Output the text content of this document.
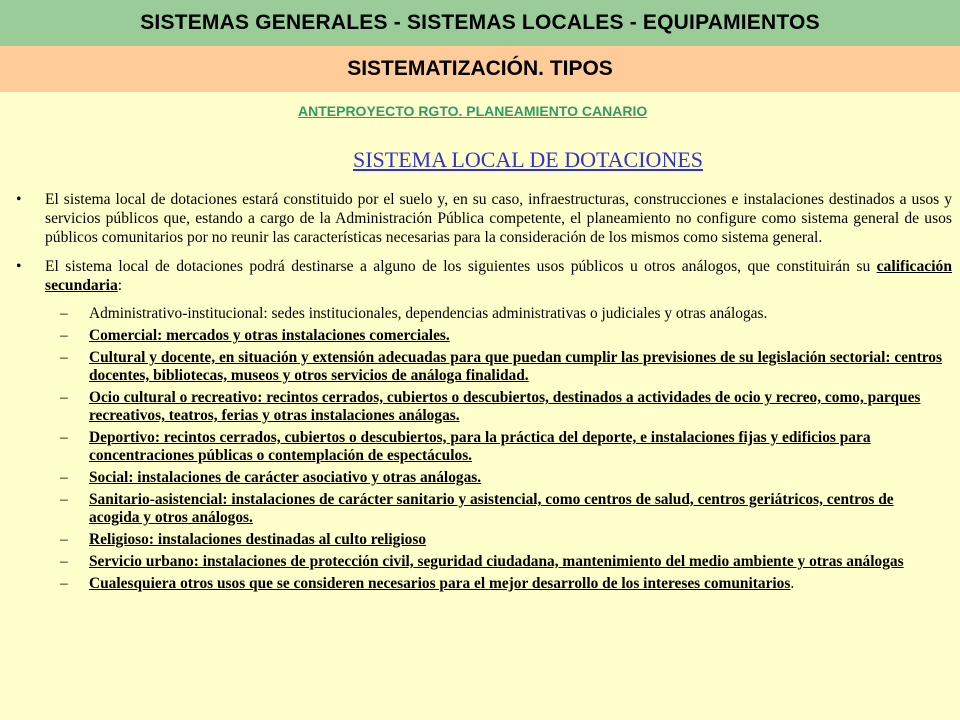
SISTEMAS GENERALES - SISTEMAS LOCALES - EQUIPAMIENTOS
SISTEMATIZACIÓN. TIPOS
ANTEPROYECTO RGTO. PLANEAMIENTO CANARIO
SISTEMA LOCAL DE DOTACIONES
• El sistema local de dotaciones estará constituido por el suelo y, en su caso, infraestructuras, construcciones e instalaciones destinados a usos y servicios públicos que, estando a cargo de la Administración Pública competente, el planeamiento no configure como sistema general de usos públicos comunitarios por no reunir las características necesarias para la consideración de los mismos como sistema general.
• El sistema local de dotaciones podrá destinarse a alguno de los siguientes usos públicos u otros análogos, que constituirán su calificación secundaria:
– Administrativo-institucional: sedes institucionales, dependencias administrativas o judiciales y otras análogas.
– Comercial: mercados y otras instalaciones comerciales.
– Cultural y docente, en situación y extensión adecuadas para que puedan cumplir las previsiones de su legislación sectorial: centros docentes, bibliotecas, museos y otros servicios de análoga finalidad.
– Ocio cultural o recreativo: recintos cerrados, cubiertos o descubiertos, destinados a actividades de ocio y recreo, como, parques recreativos, teatros, ferias y otras instalaciones análogas.
– Deportivo: recintos cerrados, cubiertos o descubiertos, para la práctica del deporte, e instalaciones fijas y edificios para concentraciones públicas o contemplación de espectáculos.
– Social: instalaciones de carácter asociativo y otras análogas.
– Sanitario-asistencial: instalaciones de carácter sanitario y asistencial, como centros de salud, centros geriátricos, centros de acogida y otros análogos.
– Religioso: instalaciones destinadas al culto religioso
– Servicio urbano: instalaciones de protección civil, seguridad ciudadana, mantenimiento del medio ambiente y otras análogas
– Cualesquiera otros usos que se consideren necesarios para el mejor desarrollo de los intereses comunitarios.
